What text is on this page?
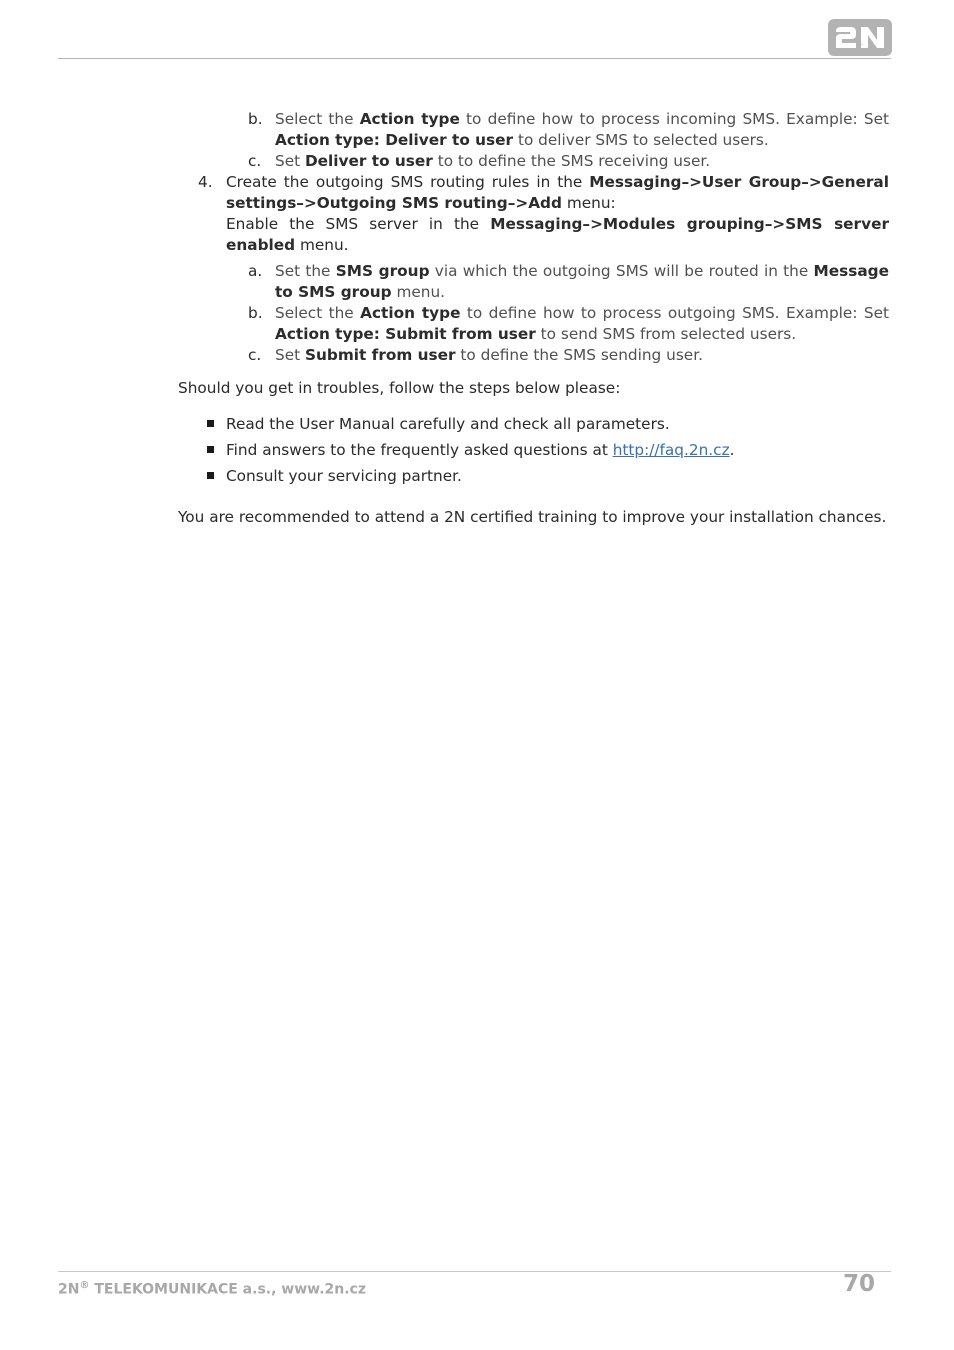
2N

b. Select the Action type to define how to process incoming SMS. Example: Set Action type: Deliver to user to deliver SMS to selected users.

c. Set Deliver to user to to define the SMS receiving user.

4. Create the outgoing SMS routing rules in the Messaging–>User Group–>General settings–>Outgoing SMS routing–>Add menu:

Enable the SMS server in the Messaging–>Modules grouping–>SMS server enabled menu.

a. Set the SMS group via which the outgoing SMS will be routed in the Message to SMS group menu.

b. Select the Action type to define how to process outgoing SMS. Example: Set Action type: Submit from user to send SMS from selected users.

c. Set Submit from user to define the SMS sending user.

Should you get in troubles, follow the steps below please:

Read the User Manual carefully and check all parameters.
Find answers to the frequently asked questions at http://faq.2n.cz.
Consult your servicing partner.

You are recommended to attend a 2N certified training to improve your installation chances.

2N® TELEKOMUNIKACE a.s., www.2n.cz	70
